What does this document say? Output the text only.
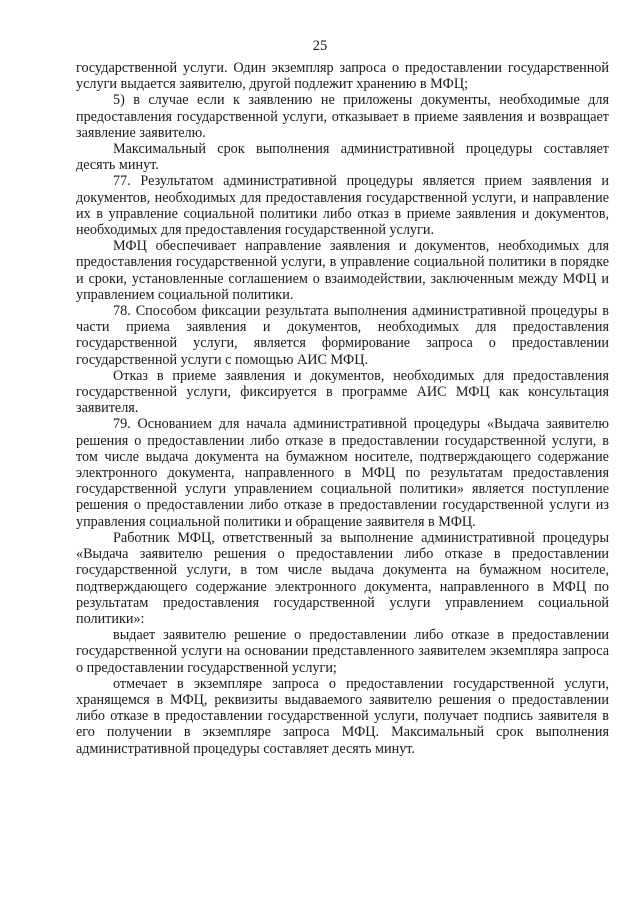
25

государственной услуги. Один экземпляр запроса о предоставлении государственной услуги выдается заявителю, другой подлежит хранению в МФЦ;

5) в случае если к заявлению не приложены документы, необходимые для предоставления государственной услуги, отказывает в приеме заявления и возвращает заявление заявителю.

Максимальный срок выполнения административной процедуры составляет десять минут.

77. Результатом административной процедуры является прием заявления и документов, необходимых для предоставления государственной услуги, и направление их в управление социальной политики либо отказ в приеме заявления и документов, необходимых для предоставления государственной услуги.

МФЦ обеспечивает направление заявления и документов, необходимых для предоставления государственной услуги, в управление социальной политики в порядке и сроки, установленные соглашением о взаимодействии, заключенным между МФЦ и управлением социальной политики.

78. Способом фиксации результата выполнения административной процедуры в части приема заявления и документов, необходимых для предоставления государственной услуги, является формирование запроса о предоставлении государственной услуги с помощью АИС МФЦ.

Отказ в приеме заявления и документов, необходимых для предоставления государственной услуги, фиксируется в программе АИС МФЦ как консультация заявителя.

79. Основанием для начала административной процедуры «Выдача заявителю решения о предоставлении либо отказе в предоставлении государственной услуги, в том числе выдача документа на бумажном носителе, подтверждающего содержание электронного документа, направленного в МФЦ по результатам предоставления государственной услуги управлением социальной политики» является поступление решения о предоставлении либо отказе в предоставлении государственной услуги из управления социальной политики и обращение заявителя в МФЦ.

Работник МФЦ, ответственный за выполнение административной процедуры «Выдача заявителю решения о предоставлении либо отказе в предоставлении государственной услуги, в том числе выдача документа на бумажном носителе, подтверждающего содержание электронного документа, направленного в МФЦ по результатам предоставления государственной услуги управлением социальной политики»:

выдает заявителю решение о предоставлении либо отказе в предоставлении государственной услуги на основании представленного заявителем экземпляра запроса о предоставлении государственной услуги;

отмечает в экземпляре запроса о предоставлении государственной услуги, хранящемся в МФЦ, реквизиты выдаваемого заявителю решения о предоставлении либо отказе в предоставлении государственной услуги, получает подпись заявителя в его получении в экземпляре запроса МФЦ. Максимальный срок выполнения административной процедуры составляет десять минут.
